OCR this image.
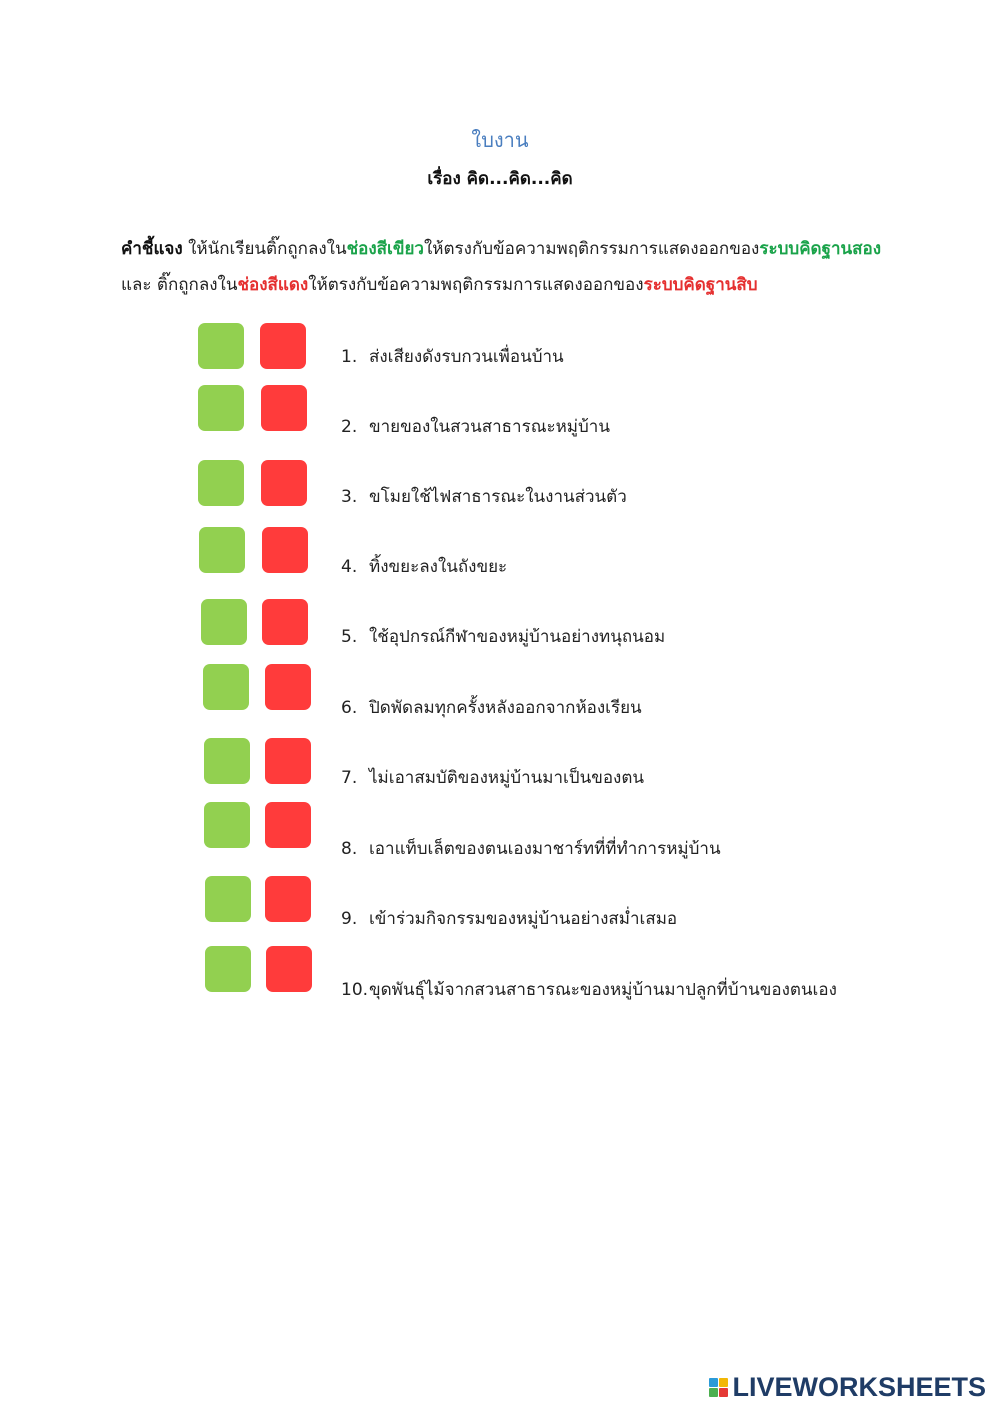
ใบงาน
เรื่อง คิด...คิด...คิด
คำชี้แจง ให้นักเรียนติ๊กถูกลงในช่องสีเขียวให้ตรงกับข้อความพฤติกรรมการแสดงออกของระบบคิดฐานสอง
และ ติ๊กถูกลงในช่องสีแดงให้ตรงกับข้อความพฤติกรรมการแสดงออกของระบบคิดฐานสิบ
1. ส่งเสียงดังรบกวนเพื่อนบ้าน
2. ขายของในสวนสาธารณะหมู่บ้าน
3. ขโมยใช้ไฟสาธารณะในงานส่วนตัว
4. ทิ้งขยะลงในถังขยะ
5. ใช้อุปกรณ์กีฬาของหมู่บ้านอย่างทนุถนอม
6. ปิดพัดลมทุกครั้งหลังออกจากห้องเรียน
7. ไม่เอาสมบัติของหมู่บ้านมาเป็นของตน
8. เอาแท็บเล็ตของตนเองมาชาร์ทที่ที่ทำการหมู่บ้าน
9. เข้าร่วมกิจกรรมของหมู่บ้านอย่างสม่ำเสมอ
10.ขุดพันธุ์ไม้จากสวนสาธารณะของหมู่บ้านมาปลูกที่บ้านของตนเอง
LIVEWORKSHEETS
